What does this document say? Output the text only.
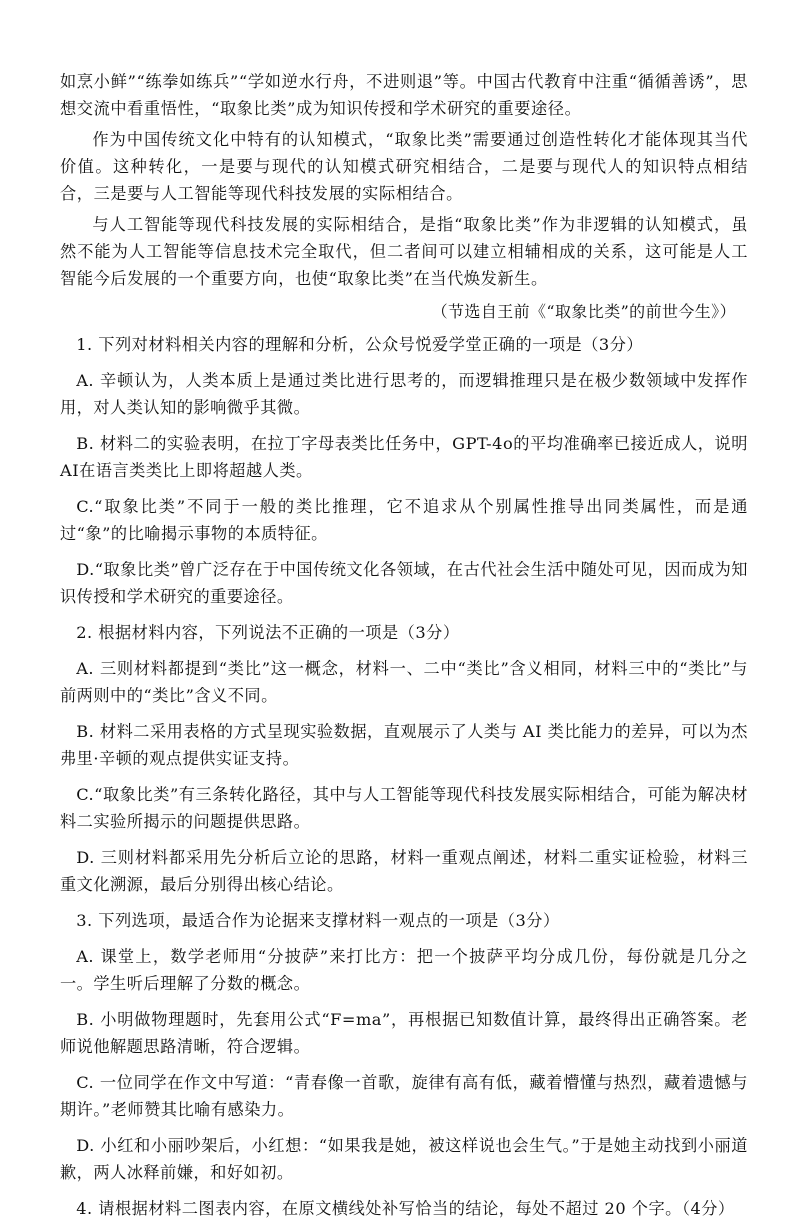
如烹小鲜”“练拳如练兵”“学如逆水行舟，不进则退”等。中国古代教育中注重“循循善诱”，思想交流中看重悟性，“取象比类”成为知识传授和学术研究的重要途径。

作为中国传统文化中特有的认知模式，“取象比类”需要通过创造性转化才能体现其当代价值。这种转化，一是要与现代的认知模式研究相结合，二是要与现代人的知识特点相结合，三是要与人工智能等现代科技发展的实际相结合。

与人工智能等现代科技发展的实际相结合，是指“取象比类”作为非逻辑的认知模式，虽然不能为人工智能等信息技术完全取代，但二者间可以建立相辅相成的关系，这可能是人工智能今后发展的一个重要方向，也使“取象比类”在当代焕发新生。

（节选自王前《“取象比类”的前世今生》）

1. 下列对材料相关内容的理解和分析，公众号悦爱学堂正确的一项是（3分）

A. 辛顿认为，人类本质上是通过类比进行思考的，而逻辑推理只是在极少数领域中发挥作用，对人类认知的影响微乎其微。

B. 材料二的实验表明，在拉丁字母表类比任务中，GPT-4o的平均准确率已接近成人，说明AI在语言类类比上即将超越人类。

C.“取象比类”不同于一般的类比推理，它不追求从个别属性推导出同类属性，而是通过“象”的比喻揭示事物的本质特征。

D.“取象比类”曾广泛存在于中国传统文化各领域，在古代社会生活中随处可见，因而成为知识传授和学术研究的重要途径。

2. 根据材料内容，下列说法不正确的一项是（3分）

A. 三则材料都提到“类比”这一概念，材料一、二中“类比”含义相同，材料三中的“类比”与前两则中的“类比”含义不同。

B. 材料二采用表格的方式呈现实验数据，直观展示了人类与 AI 类比能力的差异，可以为杰弗里·辛顿的观点提供实证支持。

C.“取象比类”有三条转化路径，其中与人工智能等现代科技发展实际相结合，可能为解决材料二实验所揭示的问题提供思路。

D. 三则材料都采用先分析后立论的思路，材料一重观点阐述，材料二重实证检验，材料三重文化溯源，最后分别得出核心结论。

3. 下列选项，最适合作为论据来支撑材料一观点的一项是（3分）

A. 课堂上，数学老师用“分披萨”来打比方：把一个披萨平均分成几份，每份就是几分之一。学生听后理解了分数的概念。

B. 小明做物理题时，先套用公式“F=ma”，再根据已知数值计算，最终得出正确答案。老师说他解题思路清晰，符合逻辑。

C. 一位同学在作文中写道：“青春像一首歌，旋律有高有低，藏着懵懂与热烈，藏着遗憾与期许。”老师赞其比喻有感染力。

D. 小红和小丽吵架后，小红想：“如果我是她，被这样说也会生气。”于是她主动找到小丽道歉，两人冰释前嫌，和好如初。

4. 请根据材料二图表内容，在原文横线处补写恰当的结论，每处不超过 20 个字。（4分）
